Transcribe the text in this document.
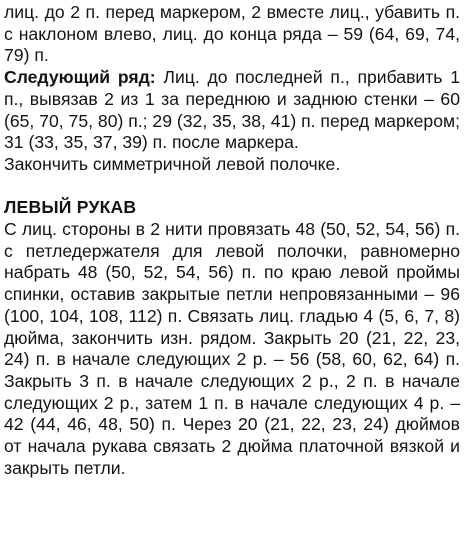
лиц. до 2 п. перед маркером, 2 вместе лиц., убавить п. с наклоном влево, лиц. до конца ряда – 59 (64, 69, 74, 79) п.

Следующий ряд: Лиц. до последней п., прибавить 1 п., вывязав 2 из 1 за переднюю и заднюю стенки – 60 (65, 70, 75, 80) п.; 29 (32, 35, 38, 41) п. перед маркером; 31 (33, 35, 37, 39) п. после маркера.

Закончить симметричной левой полочке.

ЛЕВЫЙ РУКАВ

С лиц. стороны в 2 нити провязать 48 (50, 52, 54, 56) п. с петледержателя для левой полочки, равномерно набрать 48 (50, 52, 54, 56) п. по краю левой проймы спинки, оставив закрытые петли непровязанными – 96 (100, 104, 108, 112) п. Связать лиц. гладью 4 (5, 6, 7, 8) дюйма, закончить изн. рядом. Закрыть 20 (21, 22, 23, 24) п. в начале следующих 2 р. – 56 (58, 60, 62, 64) п. Закрыть 3 п. в начале следующих 2 р., 2 п. в начале следующих 2 р., затем 1 п. в начале следующих 4 р. – 42 (44, 46, 48, 50) п. Через 20 (21, 22, 23, 24) дюймов от начала рукава связать 2 дюйма платочной вязкой и закрыть петли.
